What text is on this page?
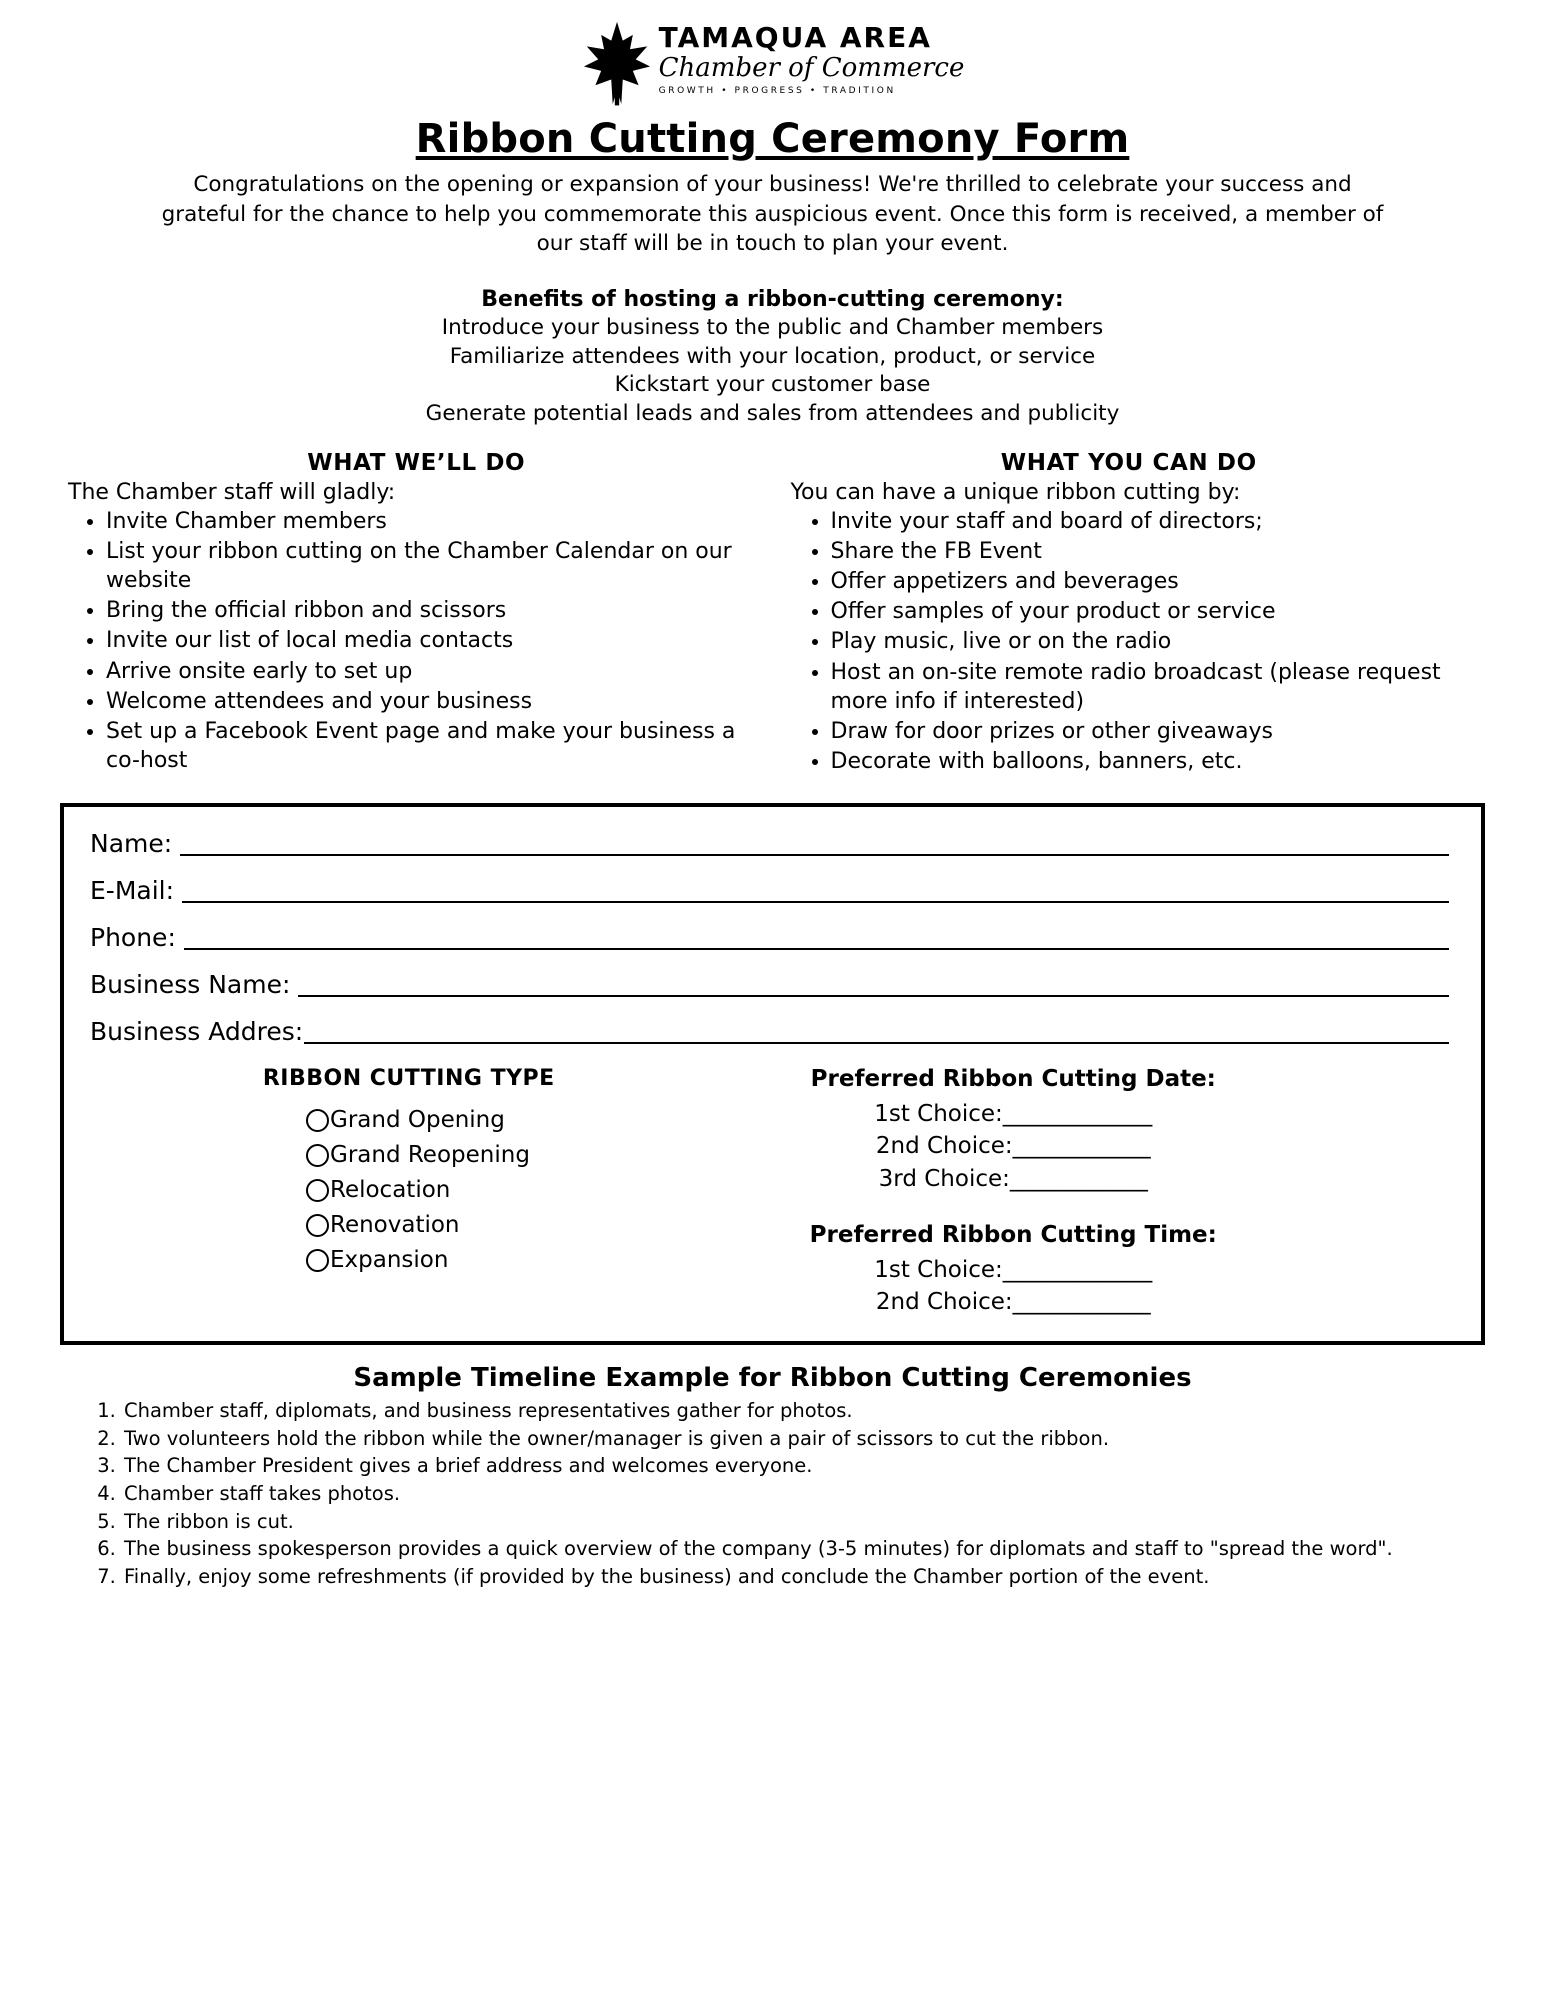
TAMAQUA AREA
Chamber of Commerce
GROWTH • PROGRESS • TRADITION
Ribbon Cutting Ceremony Form
Congratulations on the opening or expansion of your business! We're thrilled to celebrate your success and grateful for the chance to help you commemorate this auspicious event. Once this form is received, a member of our staff will be in touch to plan your event.
Benefits of hosting a ribbon-cutting ceremony:
Introduce your business to the public and Chamber members
Familiarize attendees with your location, product, or service
Kickstart your customer base
Generate potential leads and sales from attendees and publicity
WHAT WE’LL DO
The Chamber staff will gladly:
• Invite Chamber members
• List your ribbon cutting on the Chamber Calendar on our website
• Bring the official ribbon and scissors
• Invite our list of local media contacts
• Arrive onsite early to set up
• Welcome attendees and your business
• Set up a Facebook Event page and make your business a co-host
WHAT YOU CAN DO
You can have a unique ribbon cutting by:
• Invite your staff and board of directors;
• Share the FB Event
• Offer appetizers and beverages
• Offer samples of your product or service
• Play music, live or on the radio
• Host an on-site remote radio broadcast (please request more info if interested)
• Draw for door prizes or other giveaways
• Decorate with balloons, banners, etc.
Name:
E-Mail:
Phone:
Business Name:
Business Addres:
RIBBON CUTTING TYPE
Grand Opening
Grand Reopening
Relocation
Renovation
Expansion
Preferred Ribbon Cutting Date:
1st Choice:_____________
2nd Choice:____________
3rd Choice:____________
Preferred Ribbon Cutting Time:
1st Choice:_____________
2nd Choice:____________
Sample Timeline Example for Ribbon Cutting Ceremonies
1. Chamber staff, diplomats, and business representatives gather for photos.
2. Two volunteers hold the ribbon while the owner/manager is given a pair of scissors to cut the ribbon.
3. The Chamber President gives a brief address and welcomes everyone.
4. Chamber staff takes photos.
5. The ribbon is cut.
6. The business spokesperson provides a quick overview of the company (3-5 minutes) for diplomats and staff to "spread the word".
7. Finally, enjoy some refreshments (if provided by the business) and conclude the Chamber portion of the event.
